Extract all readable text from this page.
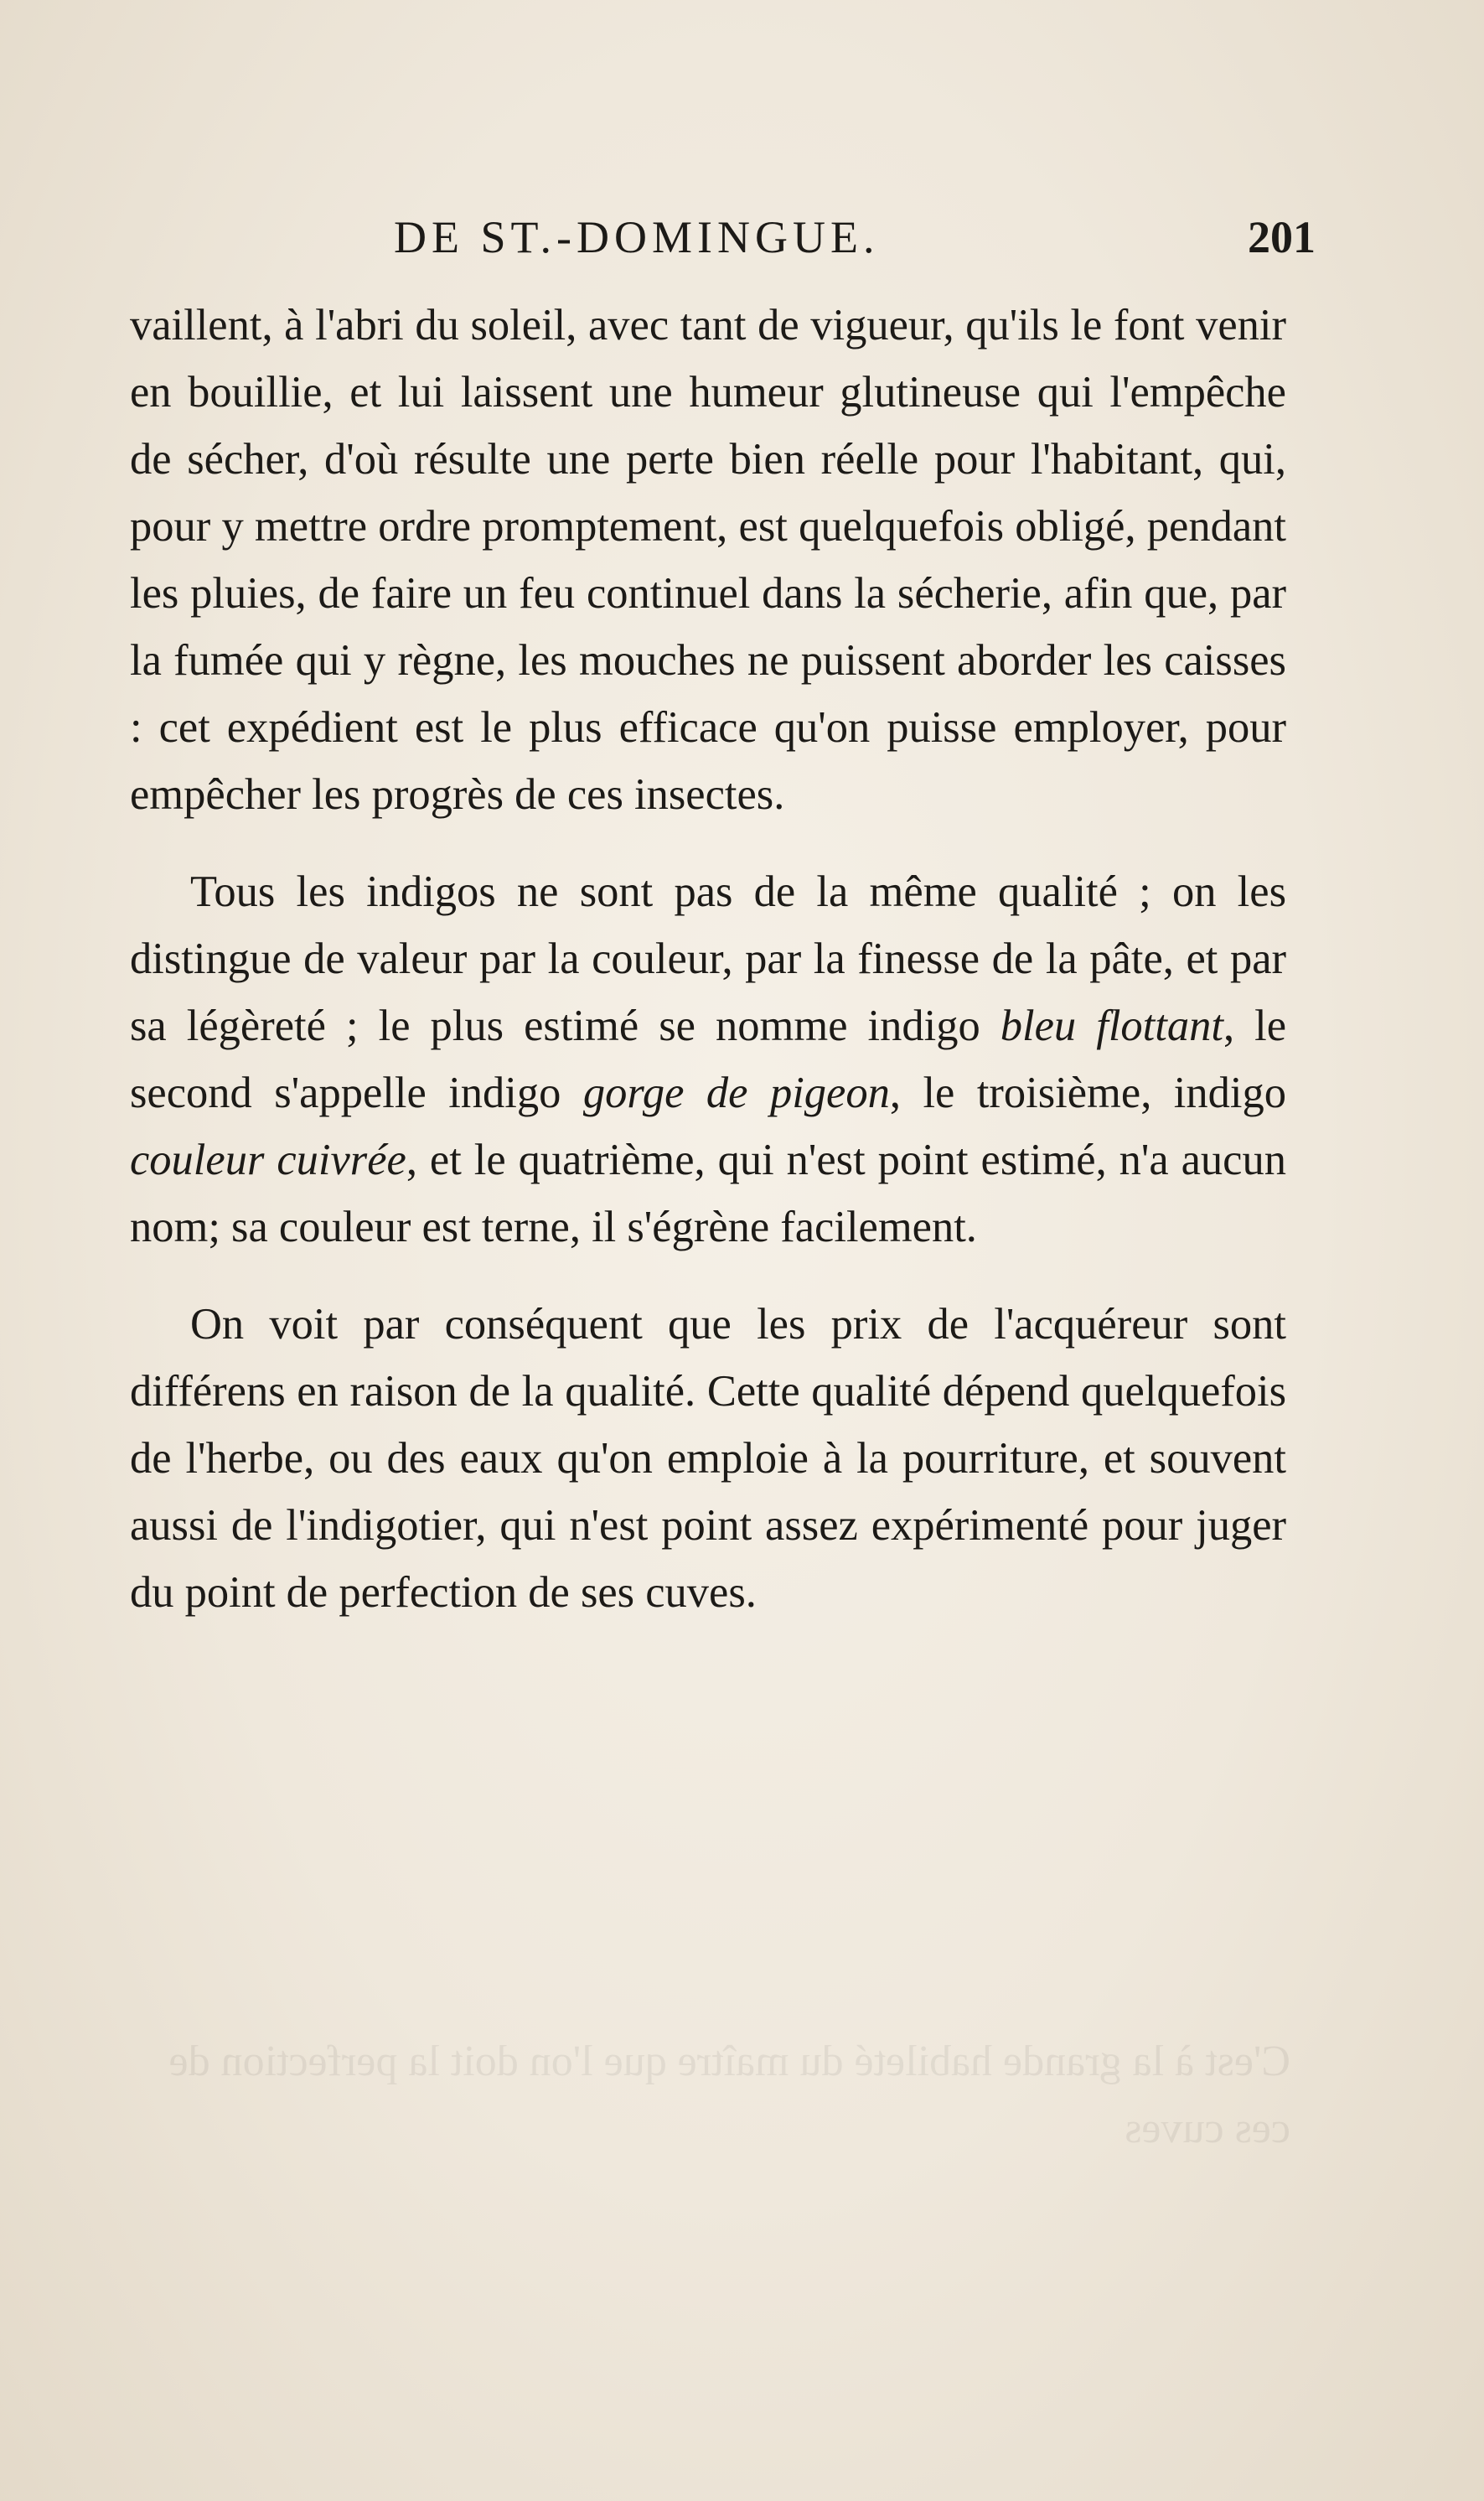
DE ST.-DOMINGUE.	201

vaillent, à l'abri du soleil, avec tant de vigueur, qu'ils le font venir en bouillie, et lui laissent une humeur glutineuse qui l'empêche de sécher, d'où résulte une perte bien réelle pour l'habitant, qui, pour y mettre ordre promptement, est quelquefois obligé, pendant les pluies, de faire un feu continuel dans la sécherie, afin que, par la fumée qui y règne, les mouches ne puissent aborder les caisses : cet expédient est le plus efficace qu'on puisse employer, pour empêcher les progrès de ces insectes.

Tous les indigos ne sont pas de la même qualité ; on les distingue de valeur par la couleur, par la finesse de la pâte, et par sa légèreté ; le plus estimé se nomme indigo bleu flottant, le second s'appelle indigo gorge de pigeon, le troisième, indigo couleur cuivrée, et le quatrième, qui n'est point estimé, n'a aucun nom; sa couleur est terne, il s'égrène facilement.

On voit par conséquent que les prix de l'acquéreur sont différens en raison de la qualité. Cette qualité dépend quelquefois de l'herbe, ou des eaux qu'on emploie à la pourriture, et souvent aussi de l'indigotier, qui n'est point assez expérimenté pour juger du point de perfection de ses cuves.

C'est à la grande habileté du maître que l'on doit la perfection de ces cuves
